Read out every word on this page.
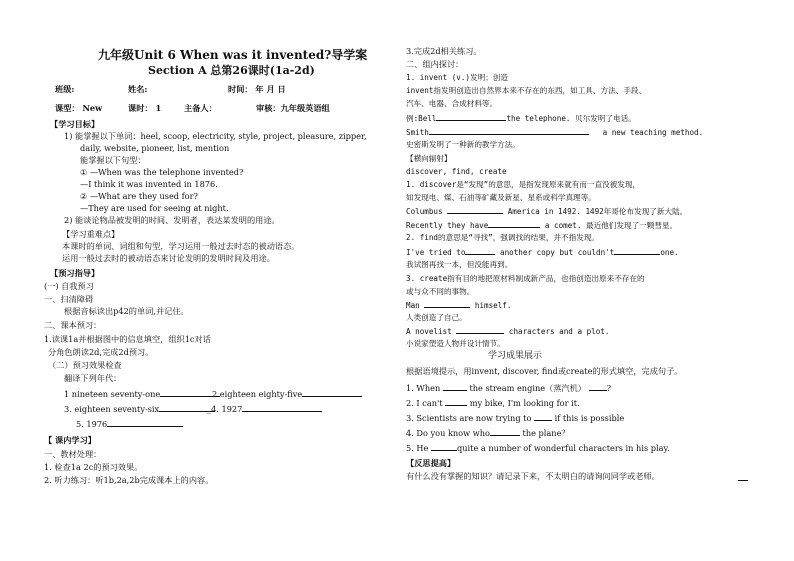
九年级Unit 6 When was it invented?导学案
Section A 总第26课时(1a-2d)
班级:	姓名:	时间： 年 月 日
课型： New	课时： 1	主备人：	审核：九年级英语组
【学习目标】
1) 能掌握以下单词：heel, scoop, electricity, style, project, pleasure, zipper,
daily, website, pioneer, list, mention
能掌握以下句型：
① —When was the telephone invented?
—I think it was invented in 1876.
② —What are they used for?
—They are used for seeing at night.
2) 能谈论物品被发明的时间、发明者，表达某发明的用途。
【学习重难点】
本课时的单词、词组和句型，学习运用一般过去时态的被动语态。
运用一般过去时的被动语态来讨论发明的发明时间及用途。
【预习指导】
(一) 自我预习
一、扫清障碍
根据音标读出p42的单词,并记住。
二、课本预习：
1.读课1a并根据图中的信息填空，组织1c对话
分角色朗读2d,完成2d预习。
（二）预习效果检查
翻译下列年代：
1 nineteen seventy-one	2 eighteen eighty-five
3. eighteen seventy-six	_4. 1927
5. 1976
【 课内学习】
一、教材处理：
1. 检查1a 2c的预习效果。
2. 听力练习：听1b,2a,2b完成课本上的内容。
3.完成2d相关练习。
二、组内探讨：
1. invent (v.)发明；创造
invent指发明创造出自然界本来不存在的东西，如工具、方法、手段、
汽车、电器、合成材料等。
例:Bell	the telephone. 贝尔发明了电话。
Smith	a new teaching method.
史密斯发明了一种新的教学方法。
【横向辐射】
discover, find, create
1. discover是“发现”的意思，是指发现原来就有而一直没被发现，
如发现电、煤、石油等矿藏及新星、星系或科学真理等。
Columbus	America in 1492. 1492年哥伦布发现了新大陆。
Recently they have	a comet. 最近他们发现了一颗彗星。
2. find的意思是“寻找”，强调找的结果，并不指发现。
I've tried to	another copy but couldn't	one.
我试图再找一本，但没能再到。
3. create指有目的地把原材料制成新产品，也指创造出原来不存在的
或与众不同的事物。
Man	himself.
人类创造了自己。
A novelist	characters and a plot.
小说家塑造人物并设计情节。
学习成果展示
根据语境提示，用invent, discover, find或create的形式填空，完成句子。
1. When	the stream engine（蒸汽机）	?
2. I can't	my bike, I'm looking for it.
3. Scientists are now trying to	if this is possible
4. Do you know who	the plane？
5. He	quite a number of wonderful characters in his play.
【反思提高】
有什么没有掌握的知识？请记录下来，不太明白的请询问同学或老师。
